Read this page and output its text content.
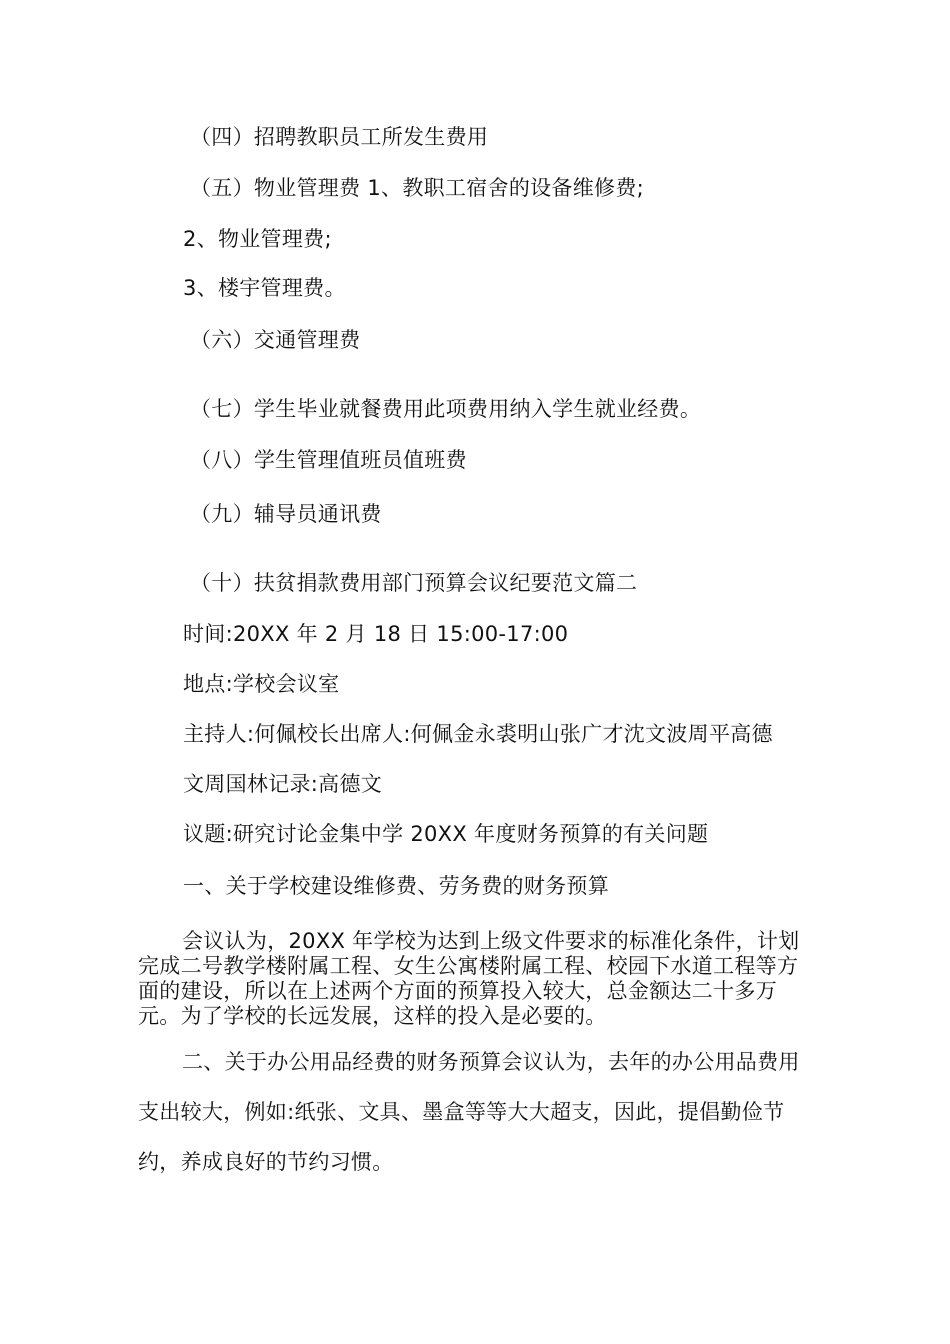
（四）招聘教职员工所发生费用
（五）物业管理费 1、教职工宿舍的设备维修费;
2、物业管理费;
3、楼宇管理费。
（六）交通管理费
（七）学生毕业就餐费用此项费用纳入学生就业经费。
（八）学生管理值班员值班费
（九）辅导员通讯费
（十）扶贫捐款费用部门预算会议纪要范文篇二
时间:20XX 年 2 月 18 日 15:00-17:00
地点:学校会议室
主持人:何佩校长出席人:何佩金永裘明山张广才沈文波周平高德
文周国林记录:高德文
议题:研究讨论金集中学 20XX 年度财务预算的有关问题
一、关于学校建设维修费、劳务费的财务预算

会议认为，20XX 年学校为达到上级文件要求的标准化条件，计划完成二号教学楼附属工程、女生公寓楼附属工程、校园下水道工程等方面的建设，所以在上述两个方面的预算投入较大，总金额达二十多万元。为了学校的长远发展，这样的投入是必要的。

二、关于办公用品经费的财务预算会议认为，去年的办公用品费用支出较大，例如:纸张、文具、墨盒等等大大超支，因此，提倡勤俭节约，养成良好的节约习惯。
